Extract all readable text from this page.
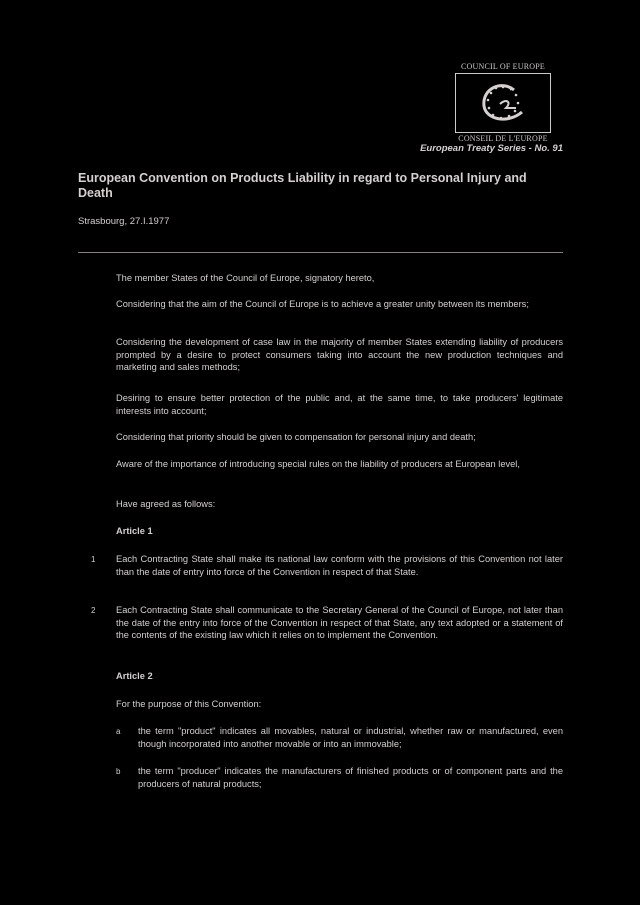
COUNCIL OF EUROPE
CONSEIL DE L'EUROPE
European Treaty Series - No. 91
European Convention on Products Liability in regard to Personal Injury and Death
Strasbourg, 27.I.1977
The member States of the Council of Europe, signatory hereto,
Considering that the aim of the Council of Europe is to achieve a greater unity between its members;
Considering the development of case law in the majority of member States extending liability of producers prompted by a desire to protect consumers taking into account the new production techniques and marketing and sales methods;
Desiring to ensure better protection of the public and, at the same time, to take producers' legitimate interests into account;
Considering that priority should be given to compensation for personal injury and death;
Aware of the importance of introducing special rules on the liability of producers at European level,
Have agreed as follows:
Article 1
1 Each Contracting State shall make its national law conform with the provisions of this Convention not later than the date of entry into force of the Convention in respect of that State.
2 Each Contracting State shall communicate to the Secretary General of the Council of Europe, not later than the date of the entry into force of the Convention in respect of that State, any text adopted or a statement of the contents of the existing law which it relies on to implement the Convention.
Article 2
For the purpose of this Convention:
a the term "product" indicates all movables, natural or industrial, whether raw or manufactured, even though incorporated into another movable or into an immovable;
b the term "producer" indicates the manufacturers of finished products or of component parts and the producers of natural products;
